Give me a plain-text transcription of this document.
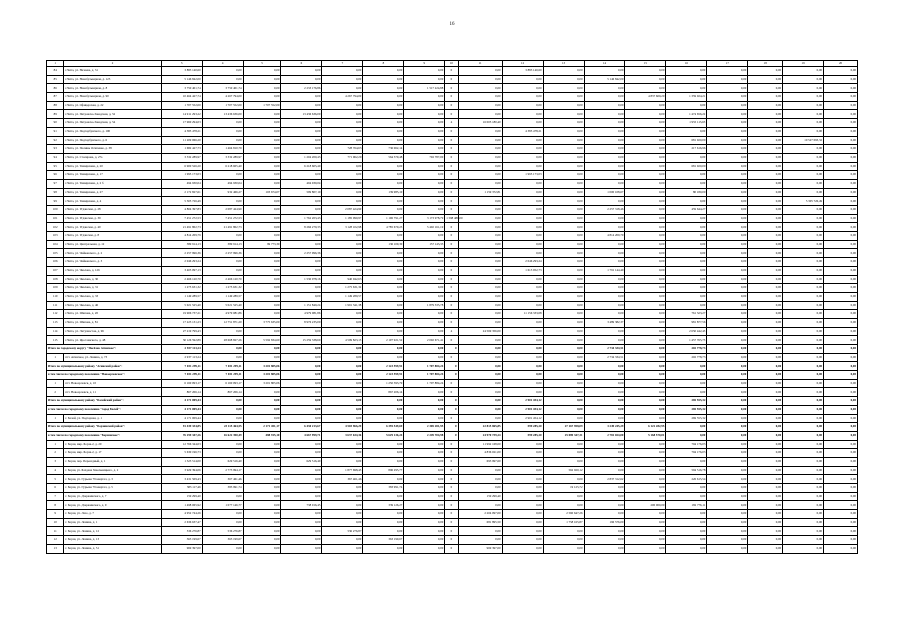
16
1	2	3	4	5	6	7	8	9	10	11	12	13	14	15	16	17	18	19	20
84	г.Чита, ул. Нечаева, д. 31	3 883 140,60	0,00	0,00	0,00	0,00	0,00	0,00	0	0,00	3 883 140,60	0,00	0,00	0,00	0,00	0,00	0,00	0,00	0,00
85	г.Чита, ул. Новобульварная, д. 123	5 146 842,00	0,00	0,00	0,00	0,00	0,00	0,00	0	0,00	0,00	0,00	5 146 842,00	0,00	0,00	0,00	0,00	0,00	0,00
86	г.Чита, ул. Новобульварная, д. 8	3 750 401,74	3 750 401,74	0,00	2 233 176,86	0,00	0,00	1 517 224,88	0	0,00	0,00	0,00	0,00	0,00	0,00	0,00	0,00	0,00	0,00
87	г.Чита, ул. Новобульварная, д. 90	10 464 427,74	4 267 794,00	0,00	0,00	4 267 794,00	0,00	0,00	0	0,00	0,00	0,00	0,00	4 837 609,20	1 359 024,21	0,00	0,00	0,00	0,00
88	г.Чита, ул. Офицерская, д. 22	1 707 552,00	1 707 552,00	1 707 552,00	0,00	0,00	0,00	0,00	0	0,00	0,00	0,00	0,00	0,00	0,00	0,00	0,00	0,00	0,00
89	г.Чита, ул. Петровско-Заводская, д. 52	14 911 293,22	13 436 636,00	0,00	13 436 636,00	0,00	0,00	0,00	0	0,00	0,00	0,00	0,00	0,00	1 474 656,22	0,00	0,00	0,00	0,00
90	г.Чита, ул. Петровско-Заводская, д. 54	17 960 294,03	0,00	0,00	0,00	0,00	0,00	0,00	4	16 005 180,40	0,00	0,00	0,00	0,00	1 955 113,63	0,00	0,00	0,00	0,00
91	г.Чита, ул. Подгорбунского, д. 100	4 385 478,21	0,00	0,00	0,00	0,00	0,00	0,00	0	0,00	4 385 478,21	0,00	0,00	0,00	0,00	0,00	0,00	0,00	0,00
92	г.Чита, ул. Подгорбунского, д. 6	11 209 066,20	0,00	0,00	0,00	0,00	0,00	0,00	0	0,00	0,00	0,00	0,00	0,00	681 920,00	0,00	0,00	10 527 093,32	0,00
93	г.Чита, ул. Полины Осипенко, д. 38	1 682 427,73	1 464 810,79	0,00	0,00	728 764,63	736 062,14	0,00	0	0,00	0,00	0,00	0,00	0,00	217 616,96	0,00	0,00	0,00	0,00
94	г.Чита, ул. Столярова, д. 27а	3 332 289,97	3 332 289,97	0,00	1 204 200,43	771 962,29	564 379,48	792 787,00	0	0,00	0,00	0,00	0,00	0,00	0,00	0,00	0,00	0,00	0,00
95	г.Чита, ул. Тимирязева, д. 20	6 900 526,20	6 218 605,40	0,00	6 218 605,40	0,00	0,00	0,00	0	0,00	0,00	0,00	0,00	0,00	681 920,00	0,00	0,00	0,00	0,00
96	г.Чита, ул. Тимирязева, д. 17	1 995 173,03	0,00	0,00	0,00	0,00	0,00	0,00	0	0,00	1 995 173,03	0,00	0,00	0,00	0,00	0,00	0,00	0,00	0,00
97	г.Чита, ул. Тимирязева, д. 2 б	494 930,04	494 930,04	0,00	494 930,04	0,00	0,00	0,00	0	0,00	0,00	0,00	0,00	0,00	0,00	0,00	0,00	0,00	0,00
98	г.Чита, ул. Тимирязева, д. 27	2 172 827,61	932 466,27	103 674,07	599 807,10	0,00	139 985,10	0,00	0	1 159 372,81	0,00	0,00	1 000 108,67	0,00	80 180,00	0,00	0,00	0,00	0,00
99	г.Чита, ул. Тимирязева, д. 4	5 305 726,49	0,00	0,00	0,00	0,00	0,00	0,00	0	0,00	0,00	0,00	0,00	0,00	0,00	0,00	0,00	5 305 726,49	0,00
100	г.Чита, ул. Угданская, д. 28	4 804 397,83	2 087 424,90	0,00	0,00	2 087 424,90	0,00	0,00	0	0,00	0,00	0,00	2 257 318,46	0,00	459 644,27	0,00	0,00	0,00	0,00
101	г.Чита, ул. Угданская, д. 39	7 451 272,53	7 451 272,53	0,00	1 762 203,43	1 185 090,97	1 196 791,27	3 173 978,79	1 598 486,00	0,00	0,00	0,00	0,00	0,00	0,00	0,00	0,00	0,00	0,00
102	г.Чита, ул. Угданская, д. 40	21 491 802,73	21 491 802,73	0,00	8 266 279,33	3 128 102,98	4 785 679,23	5 402 161,19	0	0,00	0,00	0,00	0,00	0,00	0,00	0,00	0,00	0,00	0,00
103	г.Чита, ул. Угданская, д. 8	4 814 209,79	0,00	0,00	0,00	0,00	0,00	0,00	0	0,00	0,00	0,00	4 814 209,79	0,00	0,00	0,00	0,00	0,00	0,00
104	г.Чита, ул. Центральная, д. 12	389 914,13	389 914,13	99 773,30	0,00	0,00	136 109,30	157 143,33	0	0,00	0,00	0,00	0,00	0,00	0,00	0,00	0,00	0,00	0,00
105	г.Чита, ул. Чайковского, д. 2	2 257 996,36	2 257 996,36	0,00	2 257 996,36	0,00	0,00	0,00	0	0,00	0,00	0,00	0,00	0,00	0,00	0,00	0,00	0,00	0,00
106	г.Чита, ул. Чайковского, д. 3	2 046 293,24	0,00	0,00	0,00	0,00	0,00	0,00	0	0,00	2 046 293,24	0,00	0,00	0,00	0,00	0,00	0,00	0,00	0,00
107	г.Чита, ул. Чкалова, д. 126	3 405 097,13	0,00	0,00	0,00	0,00	0,00	0,00	0	0,00	1 613 952,73	0,00	1 791 144,40	0,00	0,00	0,00	0,00	0,00	0,00
108	г.Чита, ул. Чкалова, д. 30	2 466 120,70	2 466 120,70	0,00	1 530 078,16	940 042,63	0,00	0,00	0	0,00	0,00	0,00	0,00	0,00	0,00	0,00	0,00	0,00	0,00
109	г.Чита, ул. Чкалова, д. 31	1 275 631,32	1 275 631,32	0,00	0,00	1 275 631,32	0,00	0,00	0	0,00	0,00	0,00	0,00	0,00	0,00	0,00	0,00	0,00	0,00
110	г.Чита, ул. Чкалова, д. 33	1 149 289,57	1 149 289,57	0,00	0,00	1 149 289,57	0,00	0,00	0	0,00	0,00	0,00	0,00	0,00	0,00	0,00	0,00	0,00	0,00
111	г.Чита, ул. Чкалова, д. 46	5 021 525,40	5 021 525,40	0,00	1 151 849,24	1 991 341,38	0,00	1 879 335,78	0	0,00	0,00	0,00	0,00	0,00	0,00	0,00	0,00	0,00	0,00
112	г.Чита, ул. Шилова, д. 20	19 906 737,21	4 979 081,86	0,00	4 979 081,86	0,00	0,00	0,00	0	0,00	11 156 333,08	0,00	0,00	0,00	761 323,27	0,00	0,00	0,00	0,00
113	г.Чита, ул. Шилова, д. 81	17 223 131,23	12 751 871,20	3 775 635,00	8 976 235,00	0,00	0,00	0,00	0	0,00	0,00	0,00	3 489 382,37	0,00	981 877,56	0,00	0,00	0,00	0,00
114	г.Чита, ул. Энтузиастов, д. 96	27 219 799,43	0,00	0,00	0,00	0,00	0,00	0,00	4	24 569 356,00	0,00	0,00	0,00	0,00	2 650 442,43	0,00	0,00	0,00	0,00
115	г.Чита, ул. Ярославского, д. 48	30 126 592,89	28 668 827,26	5 592 834,60	15 259 338,60	4 599 823,13	2 197 921,52	2 092 671,41	0	0,00	0,00	0,00	0,00	0,00	1 457 765,73	0,00	0,00	0,00	0,00
Итого по городскому округу "Посёлок Агинское":		2 937 113,24	0,00	0,00	0,00	0,00	0,00	0,00	0	0,00	0,00	0,00	2 734 334,51	0,00	202 778,73	0,00	0,00	0,00	0,00
1	пгт. Агинское, ул. Ленина, д. 73	2 937 113,24	0,00	0,00	0,00	0,00	0,00	0,00	0	0,00	0,00	0,00	2 734 334,51	0,00	202 778,73	0,00	0,00	0,00	0,00
Итого по муниципальному району "Агинский район":		7 031 299,11	7 031 299,11	3 201 805,06	0,00	0,00	2 123 599,91	1 707 884,24	0	0,00	0,00	0,00	0,00	0,00	0,00	0,00	0,00	0,00	0,00
в том числе по городскому поселению "Новоорловское":		7 031 299,11	7 031 299,11	3 201 805,06	0,00	0,00	2 123 599,91	1 707 884,24	0	0,00	0,00	0,00	0,00	0,00	0,00	0,00	0,00	0,00	0,00
1	пгт. Новоорловск, д. 10	6 160 093,17	6 160 093,17	3 201 805,06	0,00	0,00	1 250 393,79	1 707 884,24	0	0,00	0,00	0,00	0,00	0,00	0,00	0,00	0,00	0,00	0,00
2	пгт. Новоорловск, д. 11	867 206,14	867 206,14	0,00	0,00	0,00	867 206,14	0,00	0	0,00	0,00	0,00	0,00	0,00	0,00	0,00	0,00	0,00	0,00
Итого по муниципальному району "Балейский район":		4 171 009,44	0,00	0,00	0,00	0,00	0,00	0,00	0	0,00	2 901 454,12	0,00	0,00	0,00	269 555,32	0,00	0,00	0,00	0,00
в том числе по городскому поселению "город Балей":		4 171 009,44	0,00	0,00	0,00	0,00	0,00	0,00	0	0,00	2 901 454,12	0,00	0,00	0,00	269 555,32	0,00	0,00	0,00	0,00
1	г. Балей, ул. Подгорная, д. 1	4 171 009,44	0,00	0,00	0,00	0,00	0,00	0,00	0	0,00	2 901 454,12	0,00	0,00	0,00	269 555,32	0,00	0,00	0,00	0,00
Итого по муниципальному району "Борзинский район":		91 439 334,85	23 115 464,55	2 171 451,17	6 430 213,67	4 503 966,29	6 359 549,69	2 369 281,95	0	22 815 865,85	599 285,20	27 167 958,09	3 249 245,29	6 122 282,95	0,00	0,00	0,00	0,00	0,00
в том числе по городскому поселению "Борзинское":		76 259 347,26	16 622 390,49	488 915,10	4 667 999,71	3 637 634,36	5 629 136,24	2 249 704,98	0	24 970 739,24	599 285,20	25 089 347,31	2 781 024,00	5 168 570,01	0,00	0,00	0,00	0,00	0,00
1	г. Борзя, мкр. Борзя-2, д. 20	12 766 344,03	0,00	0,00	0,00	0,00	0,00	0,00	0	11 992 168,00	0,00	0,00	0,00	0,00	794 176,03	0,00	0,00	0,00	0,00
2	г. Борзя, мкр. Борзя-2, д. 17	5 630 196,73	0,00	0,00	0,00	0,00	0,00	0,00	0	4 836 021,00	0,00	0,00	0,00	0,00	794 176,03	0,00	0,00	0,00	0,00
3	г. Борзя, пер. Переездный, д. 1	1 323 514,00	629 516,40	0,00	629 516,40	0,00	0,00	0,00	0	693 997,60	0,00	0,00	0,00	0,00	0,00	0,00	0,00	0,00	0,00
4	г. Борзя, ул. Бахдана Хмельницкого, д. 2	3 929 394,06	2 773 994,17	0,00	0,00	1 877 698,45	896 295,77	0,00	0	0,00	0,00	562 920,12	0,00	0,00	594 516,78	0,00	0,00	0,00	0,00
5	г. Борзя, ул. Гурьева 79 квартал, д. 3	3 431 509,43	367 461,46	0,00	0,00	367 461,46	0,00	0,00	0	0,00	0,00	0,00	2 837 312,62	0,00	226 615,54	0,00	0,00	0,00	0,00
6	г. Борзя, ул. Гурьева 79 квартал, д. 5	383 117,46	383 991,74	0,00	0,00	0,00	383 991,74	0,00	0	0,00	0,00	19 125,72	0,00	0,00	0,00	0,00	0,00	0,00	0,00
7	г. Борзя, ул. Дзержинского, д. 7	159 299,40	0,00	0,00	0,00	0,00	0,00	0,00	0	159 299,40	0,00	0,00	0,00	0,00	0,00	0,00	0,00	0,00	0,00
8	г. Борзя, ул. Дзержинского, д. 9	1 498 065,92	1 077 146,77	0,00	738 016,45	0,00	339 126,27	0,00	0	0,00	0,00	0,00	0,00	200 000,00	182 776,11	0,00	0,00	0,00	0,00
9	г. Борзя, ул. Лазо, д. 7	4 952 744,26	0,00	0,00	0,00	0,00	0,00	0,00	0	2 204 097,00	0,00	2 560 647,26	0,00	0,00	0,00	0,00	0,00	0,00	0,00
10	г. Борзя, ул. Ленина, д. 1	2 636 637,47	0,00	0,00	0,00	0,00	0,00	0,00	0	681 895,50	0,00	1 758 165,87	196 576,00	0,00	0,00	0,00	0,00	0,00	0,00
11	г. Борзя, ул. Ленина, д. 12	536 276,87	536 276,87	0,00	0,00	536 276,87	0,00	0,00	0	0,00	0,00	0,00	0,00	0,00	0,00	0,00	0,00	0,00	0,00
12	г. Борзя, ул. Ленина, д. 13	363 199,67	363 199,67	0,00	0,00	0,00	363 199,67	0,00	0	0,00	0,00	0,00	0,00	0,00	0,00	0,00	0,00	0,00	0,00
13	г. Борзя, ул. Ленина, д. 51	969 397,00	0,00	0,00	0,00	0,00	0,00	0,00	0	969 397,00	0,00	0,00	0,00	0,00	0,00	0,00	0,00	0,00	0,00
